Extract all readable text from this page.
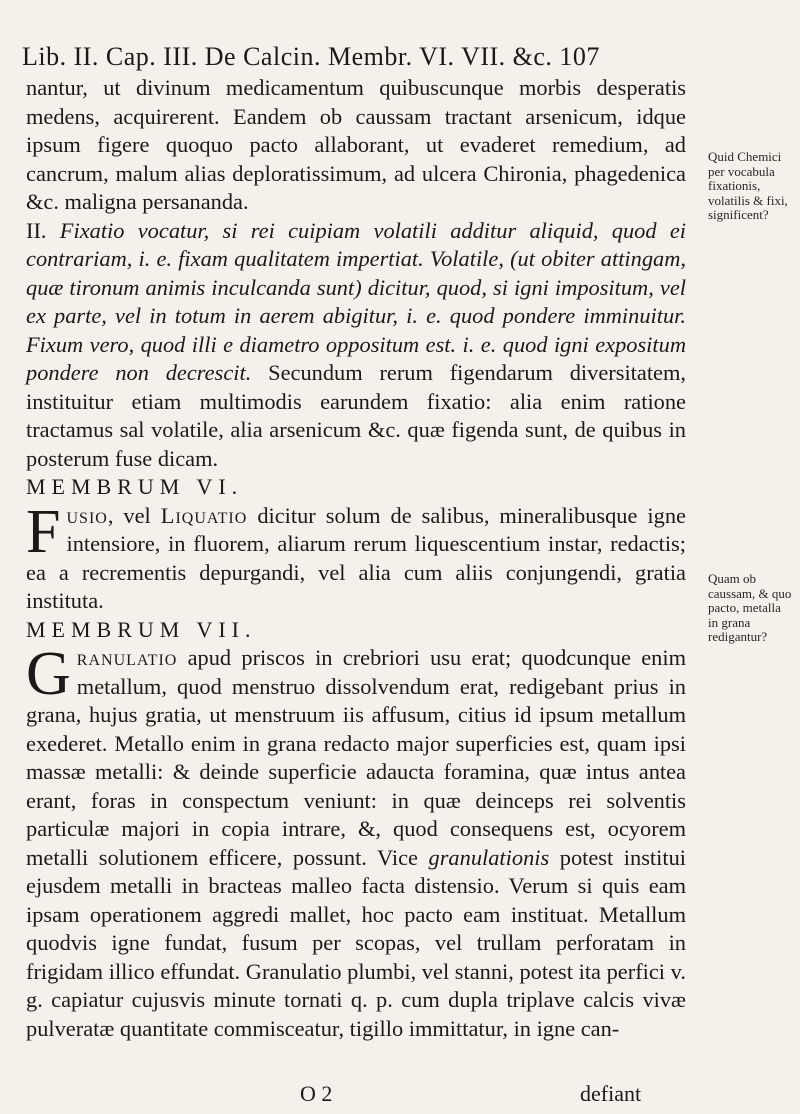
Lib. II. Cap. III. De Calcin. Membr. VI. VII. &c. 107

nantur, ut divinum medicamentum quibuscunque morbis desperatis medens, acquirerent. Eandem ob caussam tractant arsenicum, idque ipsum figere quoquo pacto allaborant, ut evaderet remedium, ad cancrum, malum alias deploratissimum, ad ulcera Chironia, phagedenica &c. maligna persananda.

II. Fixatio vocatur, si rei cuipiam volatili additur aliquid, quod ei contrariam, i. e. fixam qualitatem impertiat. Volatile, (ut obiter attingam, quæ tironum animis inculcanda sunt) dicitur, quod, si igni impositum, vel ex parte, vel in totum in aerem abigitur, i. e. quod pondere imminuitur. Fixum vero, quod illi e diametro oppositum est. i. e. quod igni expositum pondere non decrescit. Secundum rerum figendarum diversitatem, instituitur etiam multimodis earundem fixatio: alia enim ratione tractamus sal volatile, alia arsenicum &c. quæ figenda sunt, de quibus in posterum fuse dicam.

MEMBRUM VI.

Fusio, vel Liquatio dicitur solum de salibus, mineralibusque igne intensiore, in fluorem, aliarum rerum liquescentium instar, redactis; ea a recrementis depurgandi, vel alia cum aliis conjungendi, gratia instituta.

MEMBRUM VII.

Granulatio apud priscos in crebriori usu erat; quodcunque enim metallum, quod menstruo dissolvendum erat, redigebant prius in grana, hujus gratia, ut menstruum iis affusum, citius id ipsum metallum exederet. Metallo enim in grana redacto major superficies est, quam ipsi massæ metalli: & deinde superficie adaucta foramina, quæ intus antea erant, foras in conspectum veniunt: in quæ deinceps rei solventis particulæ majori in copia intrare, &, quod consequens est, ocyorem metalli solutionem efficere, possunt. Vice granulationis potest institui ejusdem metalli in bracteas malleo facta distensio. Verum si quis eam ipsam operationem aggredi mallet, hoc pacto eam instituat. Metallum quodvis igne fundat, fusum per scopas, vel trullam perforatam in frigidam illico effundat. Granulatio plumbi, vel stanni, potest ita perfici v. g. capiatur cujusvis minute tornati q. p. cum dupla triplave calcis vivæ pulveratæ quantitate commisceatur, tigillo immittatur, in igne can-

Quid Chemici per vocabula fixationis, volatilis & fixi, significent?
Quam ob caussam, & quo pacto, metalla in grana redigantur?
O 2	defiant
